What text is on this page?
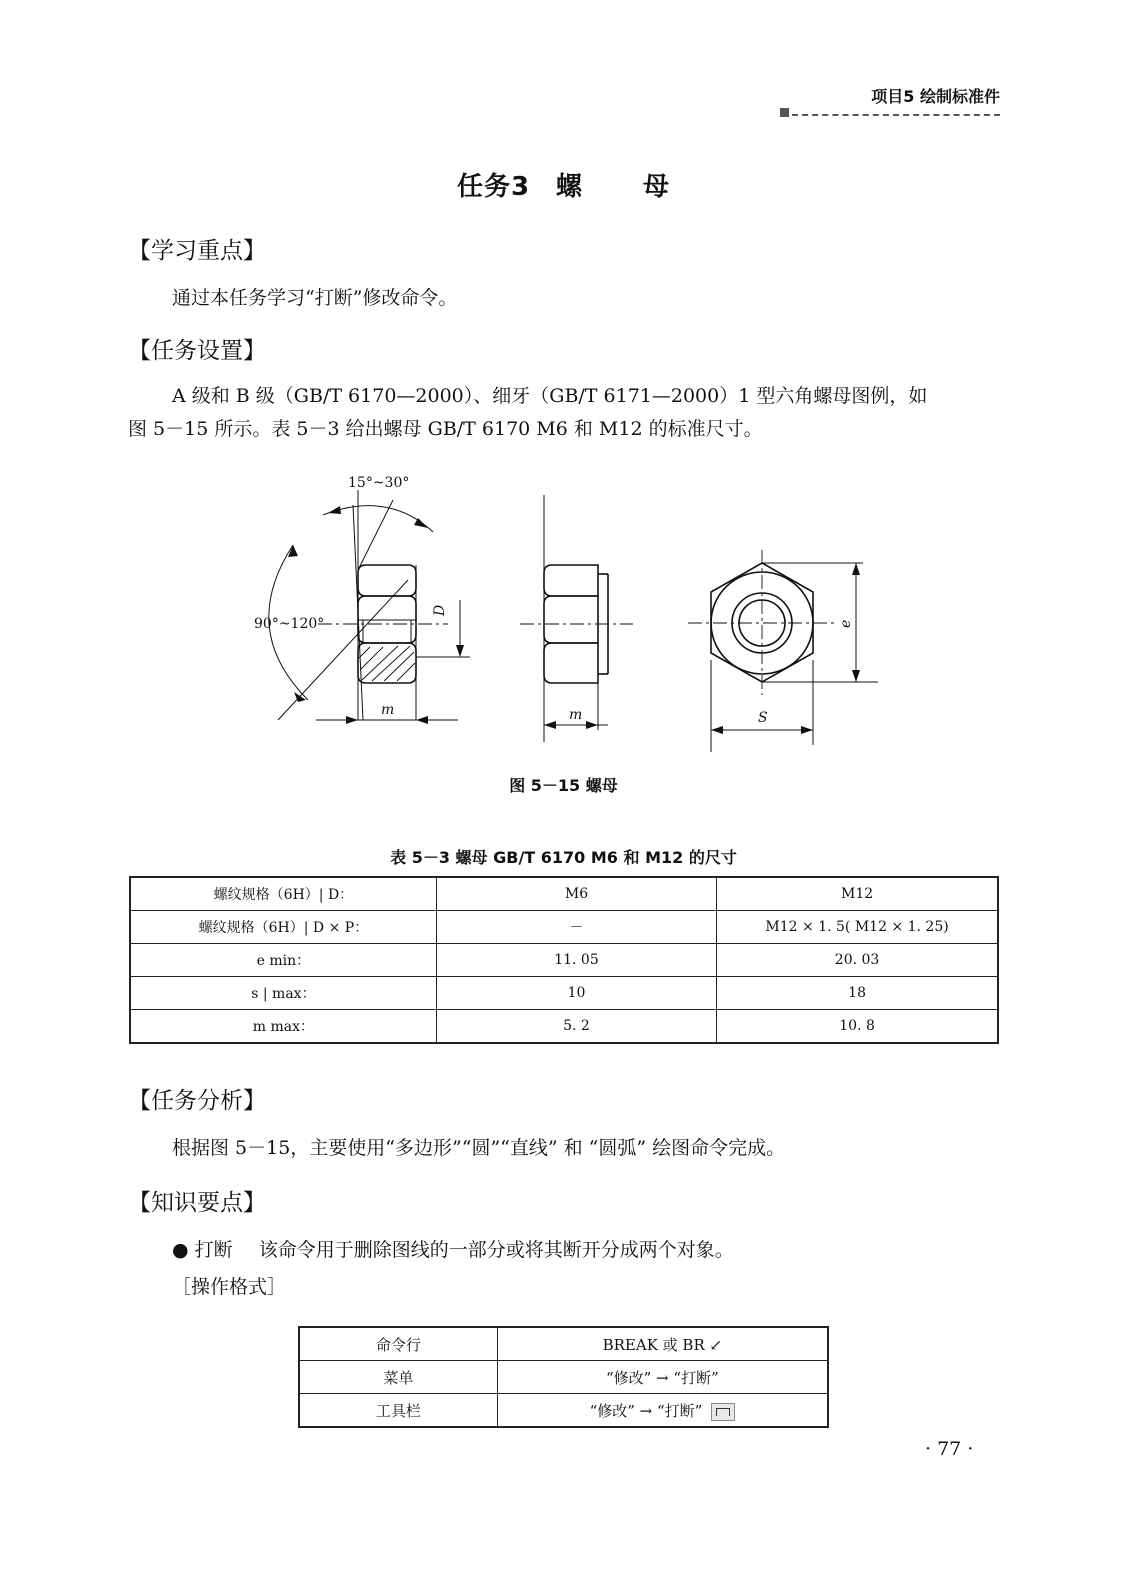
项目5 绘制标准件
任务3 螺 母
【学习重点】
通过本任务学习“打断”修改命令。
【任务设置】
A 级和 B 级（GB/T 6170—2000）、细牙（GB/T 6171—2000）1 型六角螺母图例，如
图 5－15 所示。表 5－3 给出螺母 GB/T 6170 M6 和 M12 的标准尺寸。
15°~30°
90°~120°
D
m	m	S
e
图 5－15 螺母
表 5－3 螺母 GB/T 6170 M6 和 M12 的尺寸
螺纹规格（6H）| D：	M6	M12
螺纹规格（6H）| D × P：	－	M12 × 1. 5( M12 × 1. 25)
e min：	11. 05	20. 03
s | max：	10	18
m max：	5. 2	10. 8
【任务分析】
根据图 5－15，主要使用“多边形”“圆”“直线” 和 “圆弧” 绘图命令完成。
【知识要点】
● 打断 该命令用于删除图线的一部分或将其断开分成两个对象。
［操作格式］
命令行	BREAK 或 BR ↙
菜单	“修改” → “打断”
工具栏	“修改” → “打断”
· 77 ·
